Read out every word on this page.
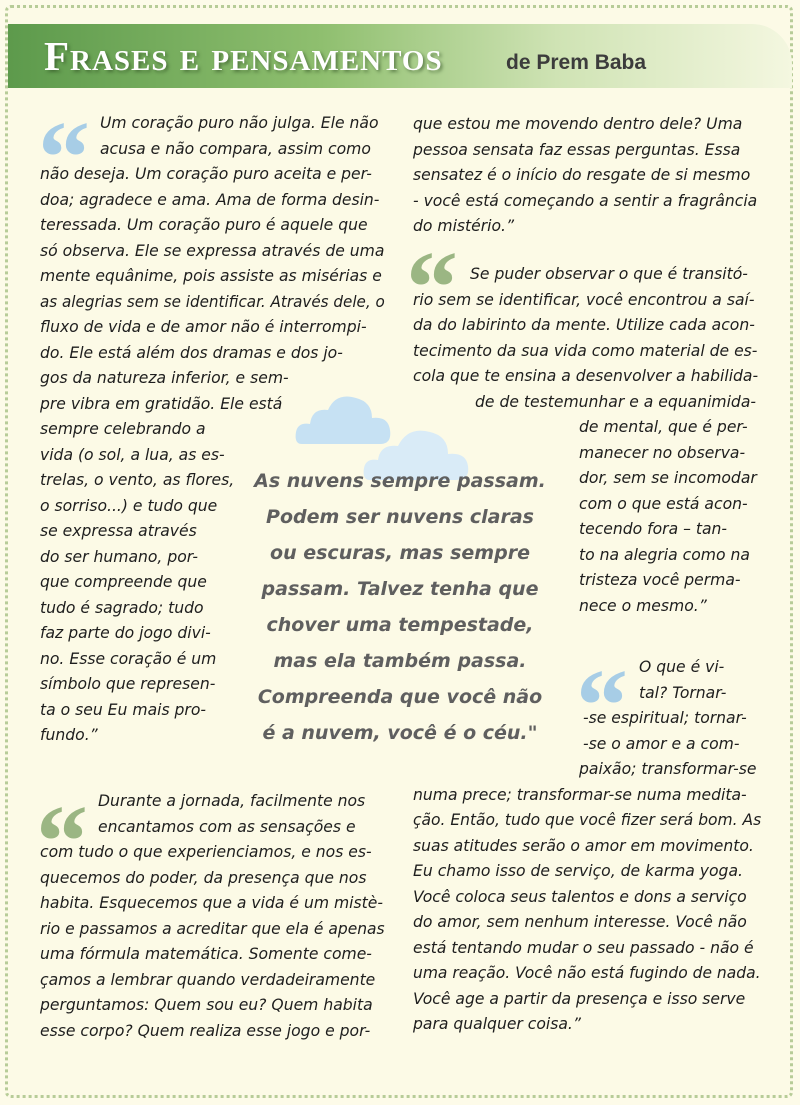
Frases e pensamentos	de Prem Baba
“
“
“
“
Um coração puro não julga. Ele não
acusa e não compara, assim como
não deseja. Um coração puro aceita e per-
doa; agradece e ama. Ama de forma desin-
teressada. Um coração puro é aquele que
só observa. Ele se expressa através de uma
mente equânime, pois assiste as misérias e
as alegrias sem se identificar. Através dele, o
fluxo de vida e de amor não é interrompi-
do. Ele está além dos dramas e dos jo-
gos da natureza inferior, e sem-
pre vibra em gratidão. Ele está
sempre celebrando a
vida (o sol, a lua, as es-
trelas, o vento, as flores,
o sorriso...) e tudo que
se expressa através
do ser humano, por-
que compreende que
tudo é sagrado; tudo
faz parte do jogo divi-
no. Esse coração é um
símbolo que represen-
ta o seu Eu mais pro-
fundo.”
que estou me movendo dentro dele? Uma
pessoa sensata faz essas perguntas. Essa
sensatez é o início do resgate de si mesmo
- você está começando a sentir a fragrância
do mistério.”
Se puder observar o que é transitó-
rio sem se identificar, você encontrou a saí-
da do labirinto da mente. Utilize cada acon-
tecimento da sua vida como material de es-
cola que te ensina a desenvolver a habilida-
de de testemunhar e a equanimida-
de mental, que é per-
manecer no observa-
dor, sem se incomodar
com o que está acon-
tecendo fora – tan-
to na alegria como na
tristeza você perma-
nece o mesmo.”
As nuvens sempre passam.
Podem ser nuvens claras
ou escuras, mas sempre
passam. Talvez tenha que
chover uma tempestade,
mas ela também passa.
Compreenda que você não
é a nuvem, você é o céu."
O que é vi-
tal? Tornar-
-se espiritual; tornar-
-se o amor e a com-
paixão; transformar-se
numa prece; transformar-se numa medita-
ção. Então, tudo que você fizer será bom. As
suas atitudes serão o amor em movimento.
Eu chamo isso de serviço, de karma yoga.
Você coloca seus talentos e dons a serviço
do amor, sem nenhum interesse. Você não
está tentando mudar o seu passado - não é
uma reação. Você não está fugindo de nada.
Você age a partir da presença e isso serve
para qualquer coisa.”
Durante a jornada, facilmente nos
encantamos com as sensações e
com tudo o que experienciamos, e nos es-
quecemos do poder, da presença que nos
habita. Esquecemos que a vida é um mistè-
rio e passamos a acreditar que ela é apenas
uma fórmula matemática. Somente come-
çamos a lembrar quando verdadeiramente
perguntamos: Quem sou eu? Quem habita
esse corpo? Quem realiza esse jogo e por-
